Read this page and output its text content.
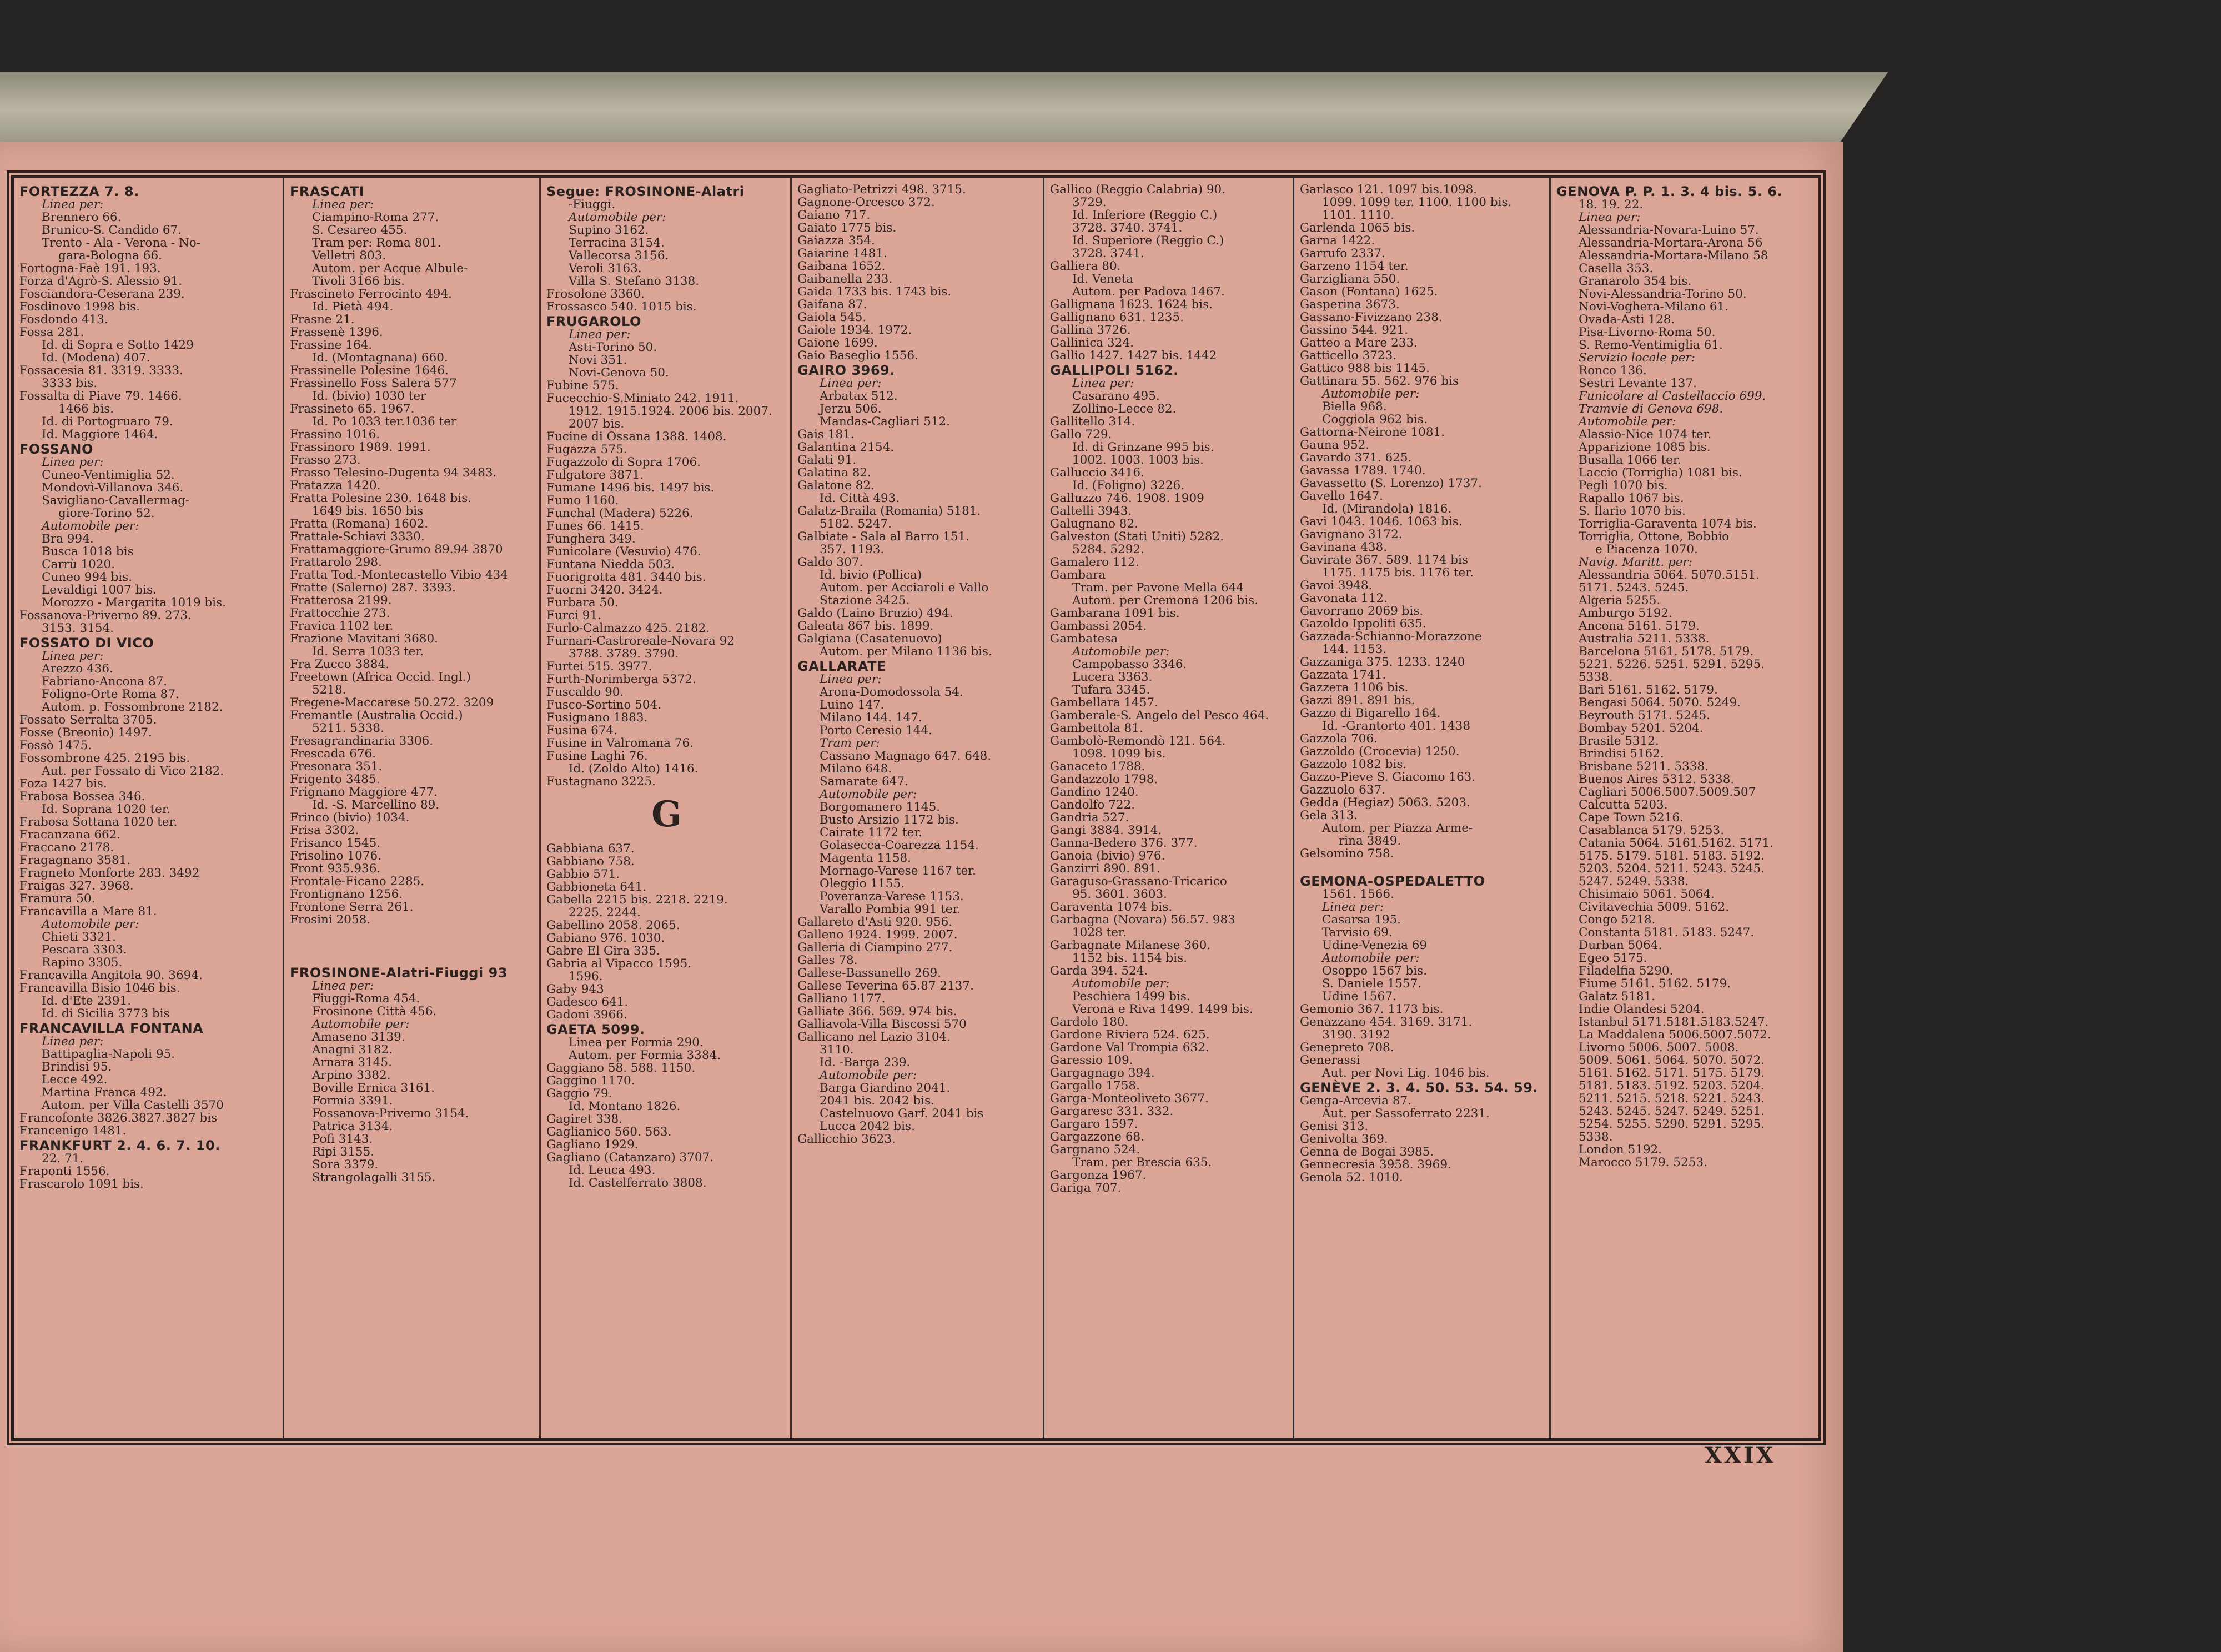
FORTEZZA 7. 8.
Linea per:
Brennero 66.
Brunico-S. Candido 67.
Trento - Ala - Verona - No-
gara-Bologna 66.
Fortogna-Faè 191. 193.
Forza d'Agrò-S. Alessio 91.
Fosciandora-Ceserana 239.
Fosdinovo 1998 bis.
Fosdondo 413.
Fossa 281.
Id. di Sopra e Sotto 1429
Id. (Modena) 407.
Fossacesia 81. 3319. 3333.
3333 bis.
Fossalta di Piave 79. 1466.
1466 bis.
Id. di Portogruaro 79.
Id. Maggiore 1464.
FOSSANO
Linea per:
Cuneo-Ventimiglia 52.
Mondovì-Villanova 346.
Savigliano-Cavallermag-
giore-Torino 52.
Automobile per:
Bra 994.
Busca 1018 bis
Carrù 1020.
Cuneo 994 bis.
Levaldigi 1007 bis.
Morozzo - Margarita 1019 bis.
Fossanova-Priverno 89. 273.
3153. 3154.
FOSSATO DI VICO
Linea per:
Arezzo 436.
Fabriano-Ancona 87.
Foligno-Orte Roma 87.
Autom. p. Fossombrone 2182.
Fossato Serralta 3705.
Fosse (Breonio) 1497.
Fossò 1475.
Fossombrone 425. 2195 bis.
Aut. per Fossato di Vico 2182.
Foza 1427 bis.
Frabosa Bossea 346.
Id. Soprana 1020 ter.
Frabosa Sottana 1020 ter.
Fracanzana 662.
Fraccano 2178.
Fragagnano 3581.
Fragneto Monforte 283. 3492
Fraigas 327. 3968.
Framura 50.
Francavilla a Mare 81.
Automobile per:
Chieti 3321.
Pescara 3303.
Rapino 3305.
Francavilla Angitola 90. 3694.
Francavilla Bisio 1046 bis.
Id. d'Ete 2391.
Id. di Sicilia 3773 bis
FRANCAVILLA FONTANA
Linea per:
Battipaglia-Napoli 95.
Brindisi 95.
Lecce 492.
Martina Franca 492.
Autom. per Villa Castelli 3570
Francofonte 3826.3827.3827 bis
Francenigo 1481.
FRANKFURT 2. 4. 6. 7. 10.
22. 71.
Fraponti 1556.
Frascarolo 1091 bis.
FRASCATI
Linea per:
Ciampino-Roma 277.
S. Cesareo 455.
Tram per: Roma 801.
Velletri 803.
Autom. per Acque Albule-
Tivoli 3166 bis.
Frascineto Ferrocinto 494.
Id. Pietà 494.
Frasne 21.
Frassenè 1396.
Frassine 164.
Id. (Montagnana) 660.
Frassinelle Polesine 1646.
Frassinello Foss Salera 577
Id. (bivio) 1030 ter
Frassineto 65. 1967.
Id. Po 1033 ter.1036 ter
Frassino 1016.
Frassinoro 1989. 1991.
Frasso 273.
Frasso Telesino-Dugenta 94 3483.
Fratazza 1420.
Fratta Polesine 230. 1648 bis.
1649 bis. 1650 bis
Fratta (Romana) 1602.
Frattale-Schiavi 3330.
Frattamaggiore-Grumo 89.94 3870
Frattarolo 298.
Fratta Tod.-Montecastello Vibio 434
Fratte (Salerno) 287. 3393.
Fratterosa 2199.
Frattocchie 273.
Fravica 1102 ter.
Frazione Mavitani 3680.
Id. Serra 1033 ter.
Fra Zucco 3884.
Freetown (Africa Occid. Ingl.)
5218.
Fregene-Maccarese 50.272. 3209
Fremantle (Australia Occid.)
5211. 5338.
Fresagrandinaria 3306.
Frescada 676.
Fresonara 351.
Frigento 3485.
Frignano Maggiore 477.
Id. -S. Marcellino 89.
Frinco (bivio) 1034.
Frisa 3302.
Frisanco 1545.
Frisolino 1076.
Front 935.936.
Frontale-Ficano 2285.
Frontignano 1256.
Frontone Serra 261.
Frosini 2058.

FROSINONE-Alatri-Fiuggi 93
Linea per:
Fiuggi-Roma 454.
Frosinone Città 456.
Automobile per:
Amaseno 3139.
Anagni 3182.
Arnara 3145.
Arpino 3382.
Boville Ernica 3161.
Formia 3391.
Fossanova-Priverno 3154.
Patrica 3134.
Pofi 3143.
Ripi 3155.
Sora 3379.
Strangolagalli 3155.
Segue: FROSINONE-Alatri
-Fiuggi.
Automobile per:
Supino 3162.
Terracina 3154.
Vallecorsa 3156.
Veroli 3163.
Villa S. Stefano 3138.
Frosolone 3360.
Frossasco 540. 1015 bis.
FRUGAROLO
Linea per:
Asti-Torino 50.
Novi 351.
Novi-Genova 50.
Fubine 575.
Fucecchio-S.Miniato 242. 1911.
1912. 1915.1924. 2006 bis. 2007.
2007 bis.
Fucine di Ossana 1388. 1408.
Fugazza 575.
Fugazzolo di Sopra 1706.
Fulgatore 3871.
Fumane 1496 bis. 1497 bis.
Fumo 1160.
Funchal (Madera) 5226.
Funes 66. 1415.
Funghera 349.
Funicolare (Vesuvio) 476.
Funtana Niedda 503.
Fuorigrotta 481. 3440 bis.
Fuorni 3420. 3424.
Furbara 50.
Furci 91.
Furlo-Calmazzo 425. 2182.
Furnari-Castroreale-Novara 92
3788. 3789. 3790.
Furtei 515. 3977.
Furth-Norimberga 5372.
Fuscaldo 90.
Fusco-Sortino 504.
Fusignano 1883.
Fusina 674.
Fusine in Valromana 76.
Fusine Laghi 76.
Id. (Zoldo Alto) 1416.
Fustagnano 3225.
G
Gabbiana 637.
Gabbiano 758.
Gabbio 571.
Gabbioneta 641.
Gabella 2215 bis. 2218. 2219.
2225. 2244.
Gabellino 2058. 2065.
Gabiano 976. 1030.
Gabre El Gira 335.
Gabria al Vipacco 1595.
1596.
Gaby 943
Gadesco 641.
Gadoni 3966.
GAETA 5099.
Linea per Formia 290.
Autom. per Formia 3384.
Gaggiano 58. 588. 1150.
Gaggino 1170.
Gaggio 79.
Id. Montano 1826.
Gagiret 338.
Gaglianico 560. 563.
Gagliano 1929.
Gagliano (Catanzaro) 3707.
Id. Leuca 493.
Id. Castelferrato 3808.
Gagliato-Petrizzi 498. 3715.
Gagnone-Orcesco 372.
Gaiano 717.
Gaiato 1775 bis.
Gaiazza 354.
Gaiarine 1481.
Gaibana 1652.
Gaibanella 233.
Gaida 1733 bis. 1743 bis.
Gaifana 87.
Gaiola 545.
Gaiole 1934. 1972.
Gaione 1699.
Gaio Baseglio 1556.
GAIRO 3969.
Linea per:
Arbatax 512.
Jerzu 506.
Mandas-Cagliari 512.
Gais 181.
Galantina 2154.
Galati 91.
Galatina 82.
Galatone 82.
Id. Città 493.
Galatz-Braila (Romania) 5181.
5182. 5247.
Galbiate - Sala al Barro 151.
357. 1193.
Galdo 307.
Id. bivio (Pollica)
Autom. per Acciaroli e Vallo
Stazione 3425.
Galdo (Laino Bruzio) 494.
Galeata 867 bis. 1899.
Galgiana (Casatenuovo)
Autom. per Milano 1136 bis.
GALLARATE
Linea per:
Arona-Domodossola 54.
Luino 147.
Milano 144. 147.
Porto Ceresio 144.
Tram per:
Cassano Magnago 647. 648.
Milano 648.
Samarate 647.
Automobile per:
Borgomanero 1145.
Busto Arsizio 1172 bis.
Cairate 1172 ter.
Golasecca-Coarezza 1154.
Magenta 1158.
Mornago-Varese 1167 ter.
Oleggio 1155.
Poveranza-Varese 1153.
Varallo Pombia 991 ter.
Gallareto d'Asti 920. 956.
Galleno 1924. 1999. 2007.
Galleria di Ciampino 277.
Galles 78.
Gallese-Bassanello 269.
Gallese Teverina 65.87 2137.
Galliano 1177.
Galliate 366. 569. 974 bis.
Galliavola-Villa Biscossi 570
Gallicano nel Lazio 3104.
3110.
Id. -Barga 239.
Automobile per:
Barga Giardino 2041.
2041 bis. 2042 bis.
Castelnuovo Garf. 2041 bis
Lucca 2042 bis.
Gallicchio 3623.
Gallico (Reggio Calabria) 90.
3729.
Id. Inferiore (Reggio C.)
3728. 3740. 3741.
Id. Superiore (Reggio C.)
3728. 3741.
Galliera 80.
Id. Veneta
Autom. per Padova 1467.
Gallignana 1623. 1624 bis.
Gallignano 631. 1235.
Gallina 3726.
Gallinica 324.
Gallio 1427. 1427 bis. 1442
GALLIPOLI 5162.
Linea per:
Casarano 495.
Zollino-Lecce 82.
Gallitello 314.
Gallo 729.
Id. di Grinzane 995 bis.
1002. 1003. 1003 bis.
Galluccio 3416.
Id. (Foligno) 3226.
Galluzzo 746. 1908. 1909
Galtelli 3943.
Galugnano 82.
Galveston (Stati Uniti) 5282.
5284. 5292.
Gamalero 112.
Gambara
Tram. per Pavone Mella 644
Autom. per Cremona 1206 bis.
Gambarana 1091 bis.
Gambassi 2054.
Gambatesa
Automobile per:
Campobasso 3346.
Lucera 3363.
Tufara 3345.
Gambellara 1457.
Gamberale-S. Angelo del Pesco 464.
Gambettola 81.
Gambolò-Remondò 121. 564.
1098. 1099 bis.
Ganaceto 1788.
Gandazzolo 1798.
Gandino 1240.
Gandolfo 722.
Gandria 527.
Gangi 3884. 3914.
Ganna-Bedero 376. 377.
Ganoia (bivio) 976.
Ganzirri 890. 891.
Garaguso-Grassano-Tricarico
95. 3601. 3603.
Garaventa 1074 bis.
Garbagna (Novara) 56.57. 983
1028 ter.
Garbagnate Milanese 360.
1152 bis. 1154 bis.
Garda 394. 524.
Automobile per:
Peschiera 1499 bis.
Verona e Riva 1499. 1499 bis.
Gardolo 180.
Gardone Riviera 524. 625.
Gardone Val Trompia 632.
Garessio 109.
Gargagnago 394.
Gargallo 1758.
Garga-Monteolivetо 3677.
Gargaresc 331. 332.
Gargaro 1597.
Gargazzone 68.
Gargnano 524.
Tram. per Brescia 635.
Gargonza 1967.
Gariga 707.
Garlasco 121. 1097 bis.1098.
1099. 1099 ter. 1100. 1100 bis.
1101. 1110.
Garlenda 1065 bis.
Garna 1422.
Garrufo 2337.
Garzeno 1154 ter.
Garzigliana 550.
Gason (Fontana) 1625.
Gasperina 3673.
Gassano-Fivizzano 238.
Gassino 544. 921.
Gatteo a Mare 233.
Gatticello 3723.
Gattico 988 bis 1145.
Gattinara 55. 562. 976 bis
Automobile per:
Biella 968.
Coggiola 962 bis.
Gattorna-Neirone 1081.
Gauna 952.
Gavardo 371. 625.
Gavassa 1789. 1740.
Gavassetto (S. Lorenzo) 1737.
Gavello 1647.
Id. (Mirandola) 1816.
Gavi 1043. 1046. 1063 bis.
Gavignano 3172.
Gavinana 438.
Gavirate 367. 589. 1174 bis
1175. 1175 bis. 1176 ter.
Gavoi 3948.
Gavonata 112.
Gavorrano 2069 bis.
Gazoldo Ippoliti 635.
Gazzada-Schianno-Morazzone
144. 1153.
Gazzaniga 375. 1233. 1240
Gazzata 1741.
Gazzera 1106 bis.
Gazzi 891. 891 bis.
Gazzo di Bigarello 164.
Id. -Grantorto 401. 1438
Gazzola 706.
Gazzoldo (Crocevia) 1250.
Gazzolo 1082 bis.
Gazzo-Pieve S. Giacomo 163.
Gazzuolo 637.
Gedda (Hegiaz) 5063. 5203.
Gela 313.
Autom. per Piazza Arme-
rina 3849.
Gelsomino 758.

GEMONA-OSPEDALETTO
1561. 1566.
Linea per:
Casarsa 195.
Tarvisio 69.
Udine-Venezia 69
Automobile per:
Osoppo 1567 bis.
S. Daniele 1557.
Udine 1567.
Gemonio 367. 1173 bis.
Genazzano 454. 3169. 3171.
3190. 3192
Genepreto 708.
Generassi
Aut. per Novi Lig. 1046 bis.
GENÈVE 2. 3. 4. 50. 53. 54. 59.
Genga-Arcevia 87.
Aut. per Sassoferrato 2231.
Genisi 313.
Genivolta 369.
Genna de Bogai 3985.
Gennecresia 3958. 3969.
Genola 52. 1010.
GENOVA P. P. 1. 3. 4 bis. 5. 6.
18. 19. 22.
Linea per:
Alessandria-Novara-Luino 57.
Alessandria-Mortara-Arona 56
Alessandria-Mortara-Milano 58
Casella 353.
Granarolo 354 bis.
Novi-Alessandria-Torino 50.
Novi-Voghera-Milano 61.
Ovada-Asti 128.
Pisa-Livorno-Roma 50.
S. Remo-Ventimiglia 61.
Servizio locale per:
Ronco 136.
Sestri Levante 137.
Funicolare al Castellaccio 699.
Tramvie di Genova 698.
Automobile per:
Alassio-Nice 1074 ter.
Apparizione 1085 bis.
Busalla 1066 ter.
Laccio (Torriglia) 1081 bis.
Pegli 1070 bis.
Rapallo 1067 bis.
S. Ilario 1070 bis.
Torriglia-Garaventa 1074 bis.
Torriglia, Ottone, Bobbio
e Piacenza 1070.
Navig. Maritt. per:
Alessandria 5064. 5070.5151.
5171. 5243. 5245.
Algeria 5255.
Amburgo 5192.
Ancona 5161. 5179.
Australia 5211. 5338.
Barcelona 5161. 5178. 5179.
5221. 5226. 5251. 5291. 5295.
5338.
Bari 5161. 5162. 5179.
Bengasi 5064. 5070. 5249.
Beyrouth 5171. 5245.
Bombay 5201. 5204.
Brasile 5312.
Brindisi 5162.
Brisbane 5211. 5338.
Buenos Aires 5312. 5338.
Cagliari 5006.5007.5009.507
Calcutta 5203.
Cape Town 5216.
Casablanca 5179. 5253.
Catania 5064. 5161.5162. 5171.
5175. 5179. 5181. 5183. 5192.
5203. 5204. 5211. 5243. 5245.
5247. 5249. 5338.
Chisimaio 5061. 5064.
Civitavechia 5009. 5162.
Congo 5218.
Constanta 5181. 5183. 5247.
Durban 5064.
Egeo 5175.
Filadelfia 5290.
Fiume 5161. 5162. 5179.
Galatz 5181.
Indie Olandesi 5204.
Istanbul 5171.5181.5183.5247.
La Maddalena 5006.5007.5072.
Livorno 5006. 5007. 5008.
5009. 5061. 5064. 5070. 5072.
5161. 5162. 5171. 5175. 5179.
5181. 5183. 5192. 5203. 5204.
5211. 5215. 5218. 5221. 5243.
5243. 5245. 5247. 5249. 5251.
5254. 5255. 5290. 5291. 5295.
5338.
London 5192.
Marocco 5179. 5253.
XXIX
